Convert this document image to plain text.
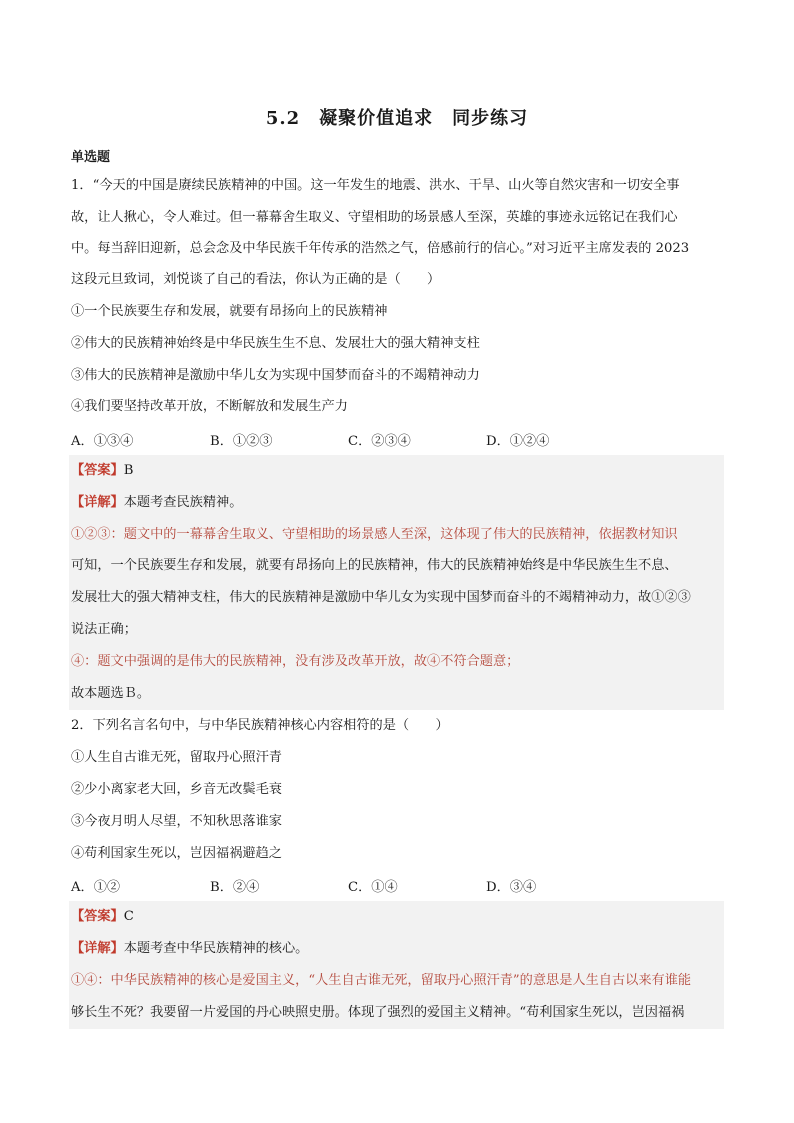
5.2　凝聚价值追求　同步练习
单选题
1．“今天的中国是赓续民族精神的中国。这一年发生的地震、洪水、干旱、山火等自然灾害和一切安全事
故，让人揪心，令人难过。但一幕幕舍生取义、守望相助的场景感人至深，英雄的事迹永远铭记在我们心
中。每当辞旧迎新，总会念及中华民族千年传承的浩然之气，倍感前行的信心。”对习近平主席发表的 2023
这段元旦致词，刘悦谈了自己的看法，你认为正确的是（　　）
①一个民族要生存和发展，就要有昂扬向上的民族精神
②伟大的民族精神始终是中华民族生生不息、发展壮大的强大精神支柱
③伟大的民族精神是激励中华儿女为实现中国梦而奋斗的不竭精神动力
④我们要坚持改革开放，不断解放和发展生产力
A．①③④	B．①②③	C．②③④	D．①②④
【答案】B
【详解】本题考查民族精神。
①②③：题文中的一幕幕舍生取义、守望相助的场景感人至深，这体现了伟大的民族精神，依据教材知识
可知，一个民族要生存和发展，就要有昂扬向上的民族精神，伟大的民族精神始终是中华民族生生不息、
发展壮大的强大精神支柱，伟大的民族精神是激励中华儿女为实现中国梦而奋斗的不竭精神动力，故①②③
说法正确；
④：题文中强调的是伟大的民族精神，没有涉及改革开放，故④不符合题意；
故本题选Ｂ。
2．下列名言名句中，与中华民族精神核心内容相符的是（　　）
①人生自古谁无死，留取丹心照汗青
②少小离家老大回，乡音无改鬓毛衰
③今夜月明人尽望，不知秋思落谁家
④苟利国家生死以，岂因福祸避趋之
A．①②	B．②④	C．①④	D．③④
【答案】C
【详解】本题考查中华民族精神的核心。
①④：中华民族精神的核心是爱国主义，“人生自古谁无死，留取丹心照汗青”的意思是人生自古以来有谁能
够长生不死？我要留一片爱国的丹心映照史册。体现了强烈的爱国主义精神。“苟利国家生死以，岂因福祸
